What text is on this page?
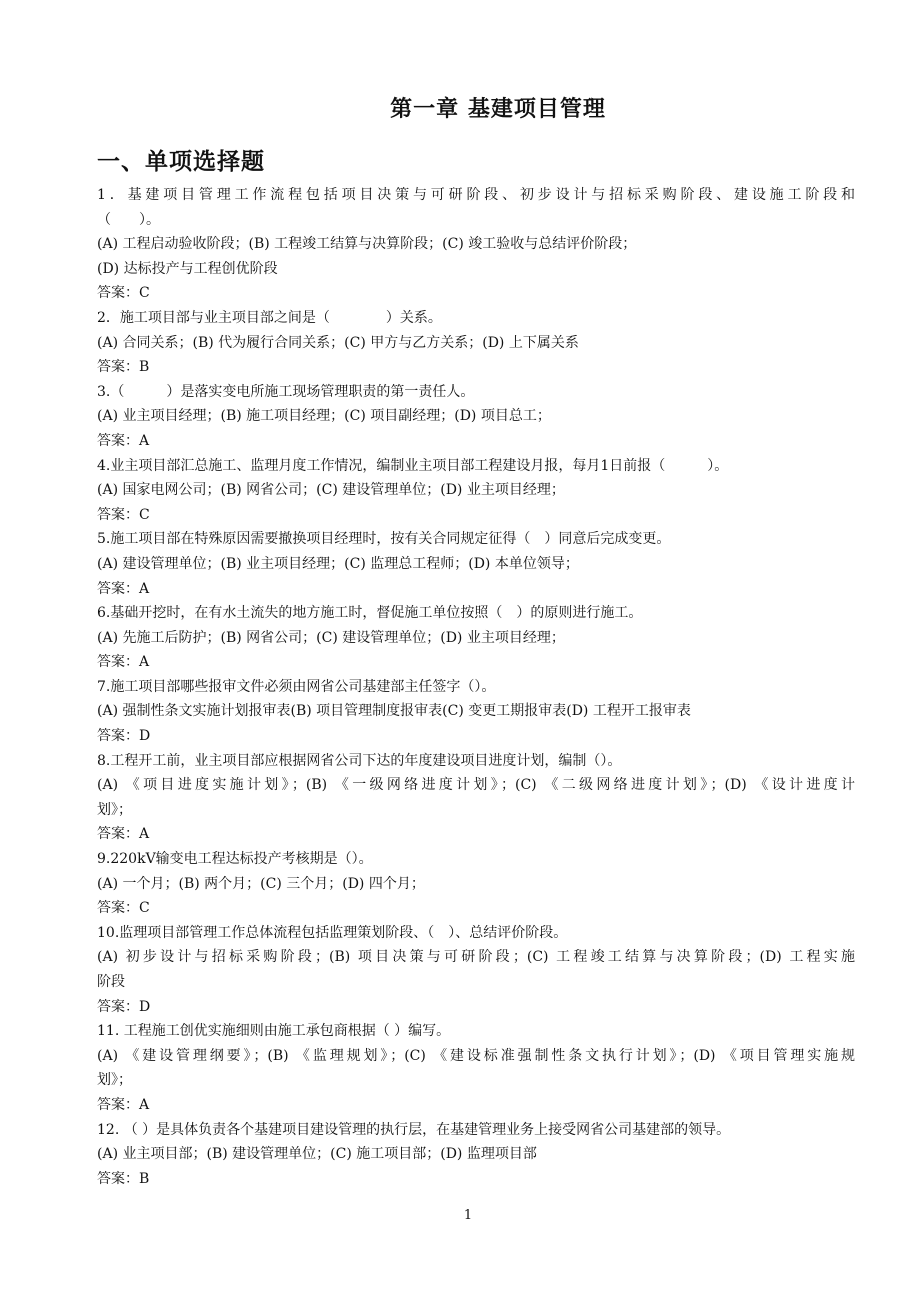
第一章 基建项目管理
一、单项选择题
1．基建项目管理工作流程包括项目决策与可研阶段、初步设计与招标采购阶段、建设施工阶段和
（　　）。
(A) 工程启动验收阶段；(B) 工程竣工结算与决算阶段；(C) 竣工验收与总结评价阶段；
(D) 达标投产与工程创优阶段
答案：C
2．施工项目部与业主项目部之间是（　　　　）关系。
(A) 合同关系；(B) 代为履行合同关系；(C) 甲方与乙方关系；(D) 上下属关系
答案：B
3.（　　　）是落实变电所施工现场管理职责的第一责任人。
(A) 业主项目经理；(B) 施工项目经理；(C) 项目副经理；(D) 项目总工；
答案：A
4.业主项目部汇总施工、监理月度工作情况，编制业主项目部工程建设月报，每月1日前报（　　　）。
(A) 国家电网公司；(B) 网省公司；(C) 建设管理单位；(D) 业主项目经理；
答案：C
5.施工项目部在特殊原因需要撤换项目经理时，按有关合同规定征得（　）同意后完成变更。
(A) 建设管理单位；(B) 业主项目经理；(C) 监理总工程师；(D) 本单位领导；
答案：A
6.基础开挖时，在有水土流失的地方施工时，督促施工单位按照（　）的原则进行施工。
(A) 先施工后防护；(B) 网省公司；(C) 建设管理单位；(D) 业主项目经理；
答案：A
7.施工项目部哪些报审文件必须由网省公司基建部主任签字（）。
(A) 强制性条文实施计划报审表(B) 项目管理制度报审表(C) 变更工期报审表(D) 工程开工报审表
答案：D
8.工程开工前，业主项目部应根据网省公司下达的年度建设项目进度计划，编制（）。
(A) 《项目进度实施计划》；(B) 《一级网络进度计划》；(C) 《二级网络进度计划》；(D) 《设计进度计
划》；
答案：A
9.220kV输变电工程达标投产考核期是（）。
(A) 一个月；(B) 两个月；(C) 三个月；(D) 四个月；
答案：C
10.监理项目部管理工作总体流程包括监理策划阶段、（　）、总结评价阶段。
(A) 初步设计与招标采购阶段；(B) 项目决策与可研阶段；(C) 工程竣工结算与决算阶段；(D) 工程实施
阶段
答案：D
11. 工程施工创优实施细则由施工承包商根据（ ）编写。
(A) 《建设管理纲要》；(B) 《监理规划》；(C) 《建设标准强制性条文执行计划》；(D) 《项目管理实施规
划》；
答案：A
12. （ ）是具体负责各个基建项目建设管理的执行层，在基建管理业务上接受网省公司基建部的领导。
(A) 业主项目部；(B) 建设管理单位；(C) 施工项目部；(D) 监理项目部
答案：B
1
